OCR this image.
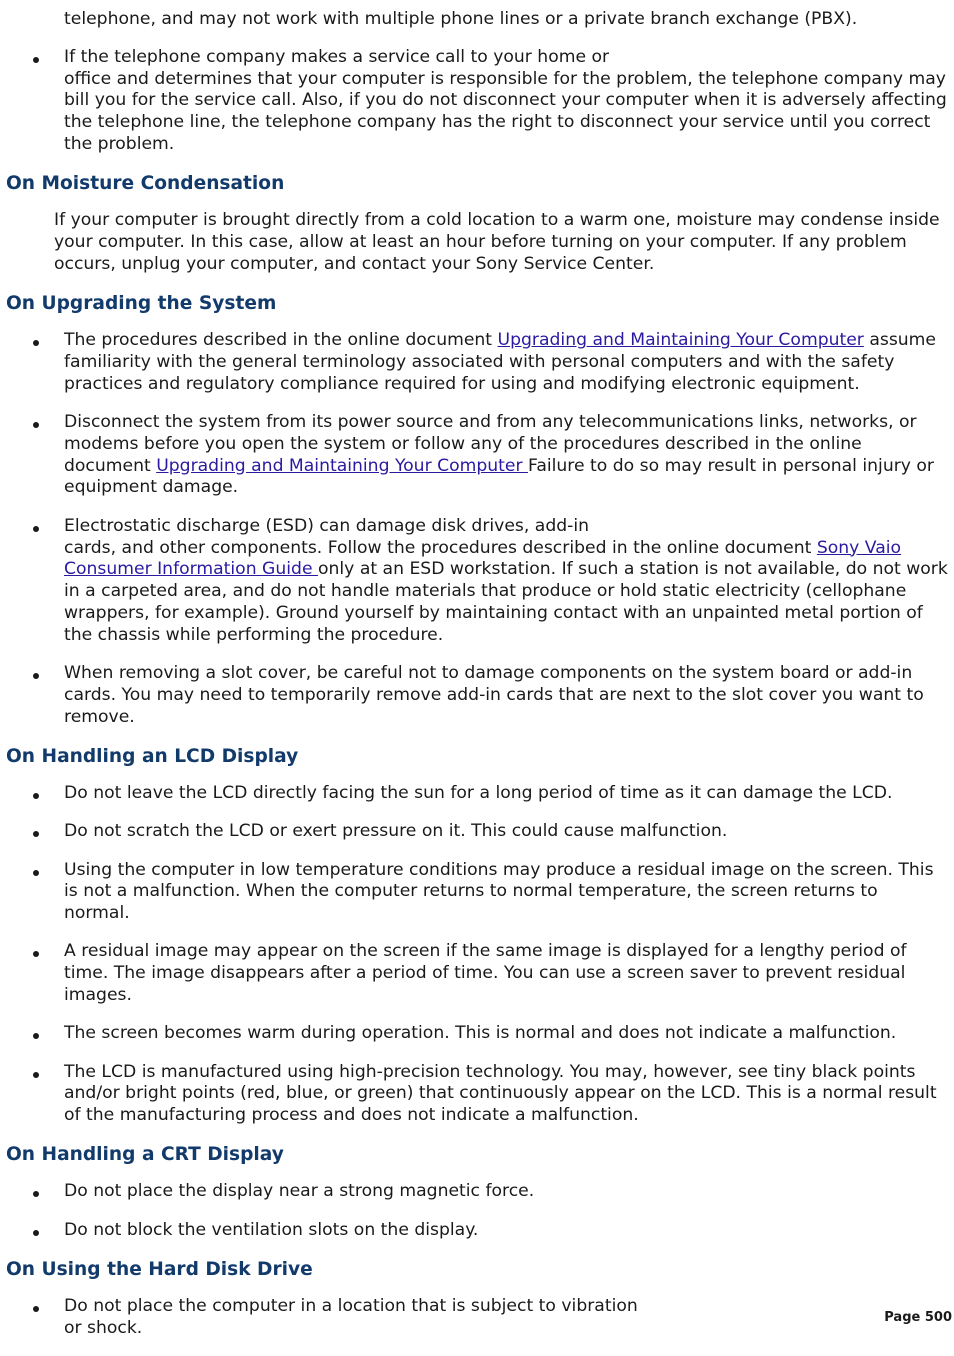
telephone, and may not work with multiple phone lines or a private branch exchange (PBX).
If the telephone company makes a service call to your home or
office and determines that your computer is responsible for the problem, the telephone company may bill you for the service call. Also, if you do not disconnect your computer when it is adversely affecting the telephone line, the telephone company has the right to disconnect your service until you correct the problem.
On Moisture Condensation

If your computer is brought directly from a cold location to a warm one, moisture may condense inside your computer. In this case, allow at least an hour before turning on your computer. If any problem occurs, unplug your computer, and contact your Sony Service Center.

On Upgrading the System
The procedures described in the online document Upgrading and Maintaining Your Computer assume familiarity with the general terminology associated with personal computers and with the safety practices and regulatory compliance required for using and modifying electronic equipment.
Disconnect the system from its power source and from any telecommunications links, networks, or modems before you open the system or follow any of the procedures described in the online document Upgrading and Maintaining Your Computer Failure to do so may result in personal injury or equipment damage.
Electrostatic discharge (ESD) can damage disk drives, add-in
cards, and other components. Follow the procedures described in the online document Sony Vaio Consumer Information Guide only at an ESD workstation. If such a station is not available, do not work in a carpeted area, and do not handle materials that produce or hold static electricity (cellophane wrappers, for example). Ground yourself by maintaining contact with an unpainted metal portion of the chassis while performing the procedure.
When removing a slot cover, be careful not to damage components on the system board or add-in cards. You may need to temporarily remove add-in cards that are next to the slot cover you want to remove.
On Handling an LCD Display
Do not leave the LCD directly facing the sun for a long period of time as it can damage the LCD.
Do not scratch the LCD or exert pressure on it. This could cause malfunction.
Using the computer in low temperature conditions may produce a residual image on the screen. This is not a malfunction. When the computer returns to normal temperature, the screen returns to normal.
A residual image may appear on the screen if the same image is displayed for a lengthy period of time. The image disappears after a period of time. You can use a screen saver to prevent residual images.
The screen becomes warm during operation. This is normal and does not indicate a malfunction.
The LCD is manufactured using high-precision technology. You may, however, see tiny black points and/or bright points (red, blue, or green) that continuously appear on the LCD. This is a normal result of the manufacturing process and does not indicate a malfunction.
On Handling a CRT Display
Do not place the display near a strong magnetic force.
Do not block the ventilation slots on the display.
On Using the Hard Disk Drive
Do not place the computer in a location that is subject to vibration
or shock.
Page 500
